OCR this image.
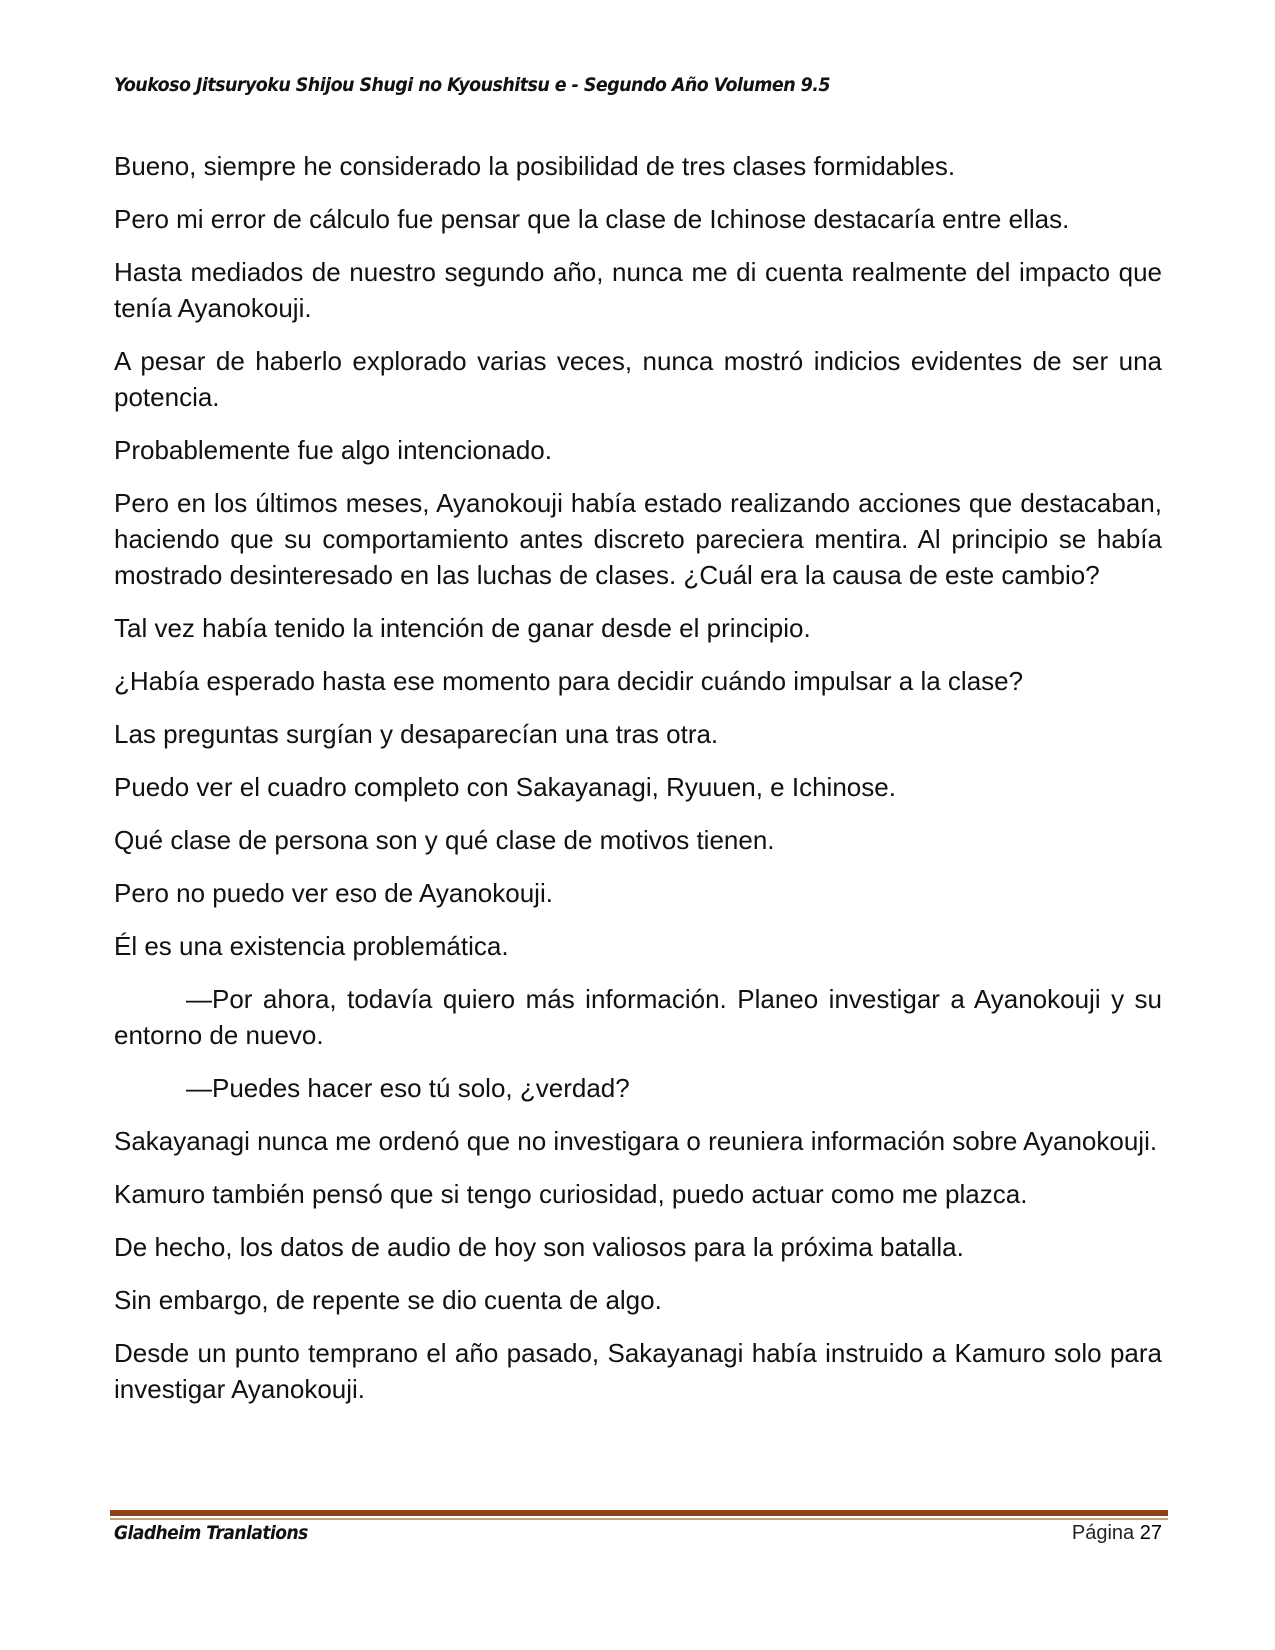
Youkoso Jitsuryoku Shijou Shugi no Kyoushitsu e - Segundo Año Volumen 9.5

Bueno, siempre he considerado la posibilidad de tres clases formidables.

Pero mi error de cálculo fue pensar que la clase de Ichinose destacaría entre ellas.

Hasta mediados de nuestro segundo año, nunca me di cuenta realmente del impacto que tenía Ayanokouji.

A pesar de haberlo explorado varias veces, nunca mostró indicios evidentes de ser una potencia.

Probablemente fue algo intencionado.

Pero en los últimos meses, Ayanokouji había estado realizando acciones que destacaban, haciendo que su comportamiento antes discreto pareciera mentira. Al principio se había mostrado desinteresado en las luchas de clases. ¿Cuál era la causa de este cambio?

Tal vez había tenido la intención de ganar desde el principio.

¿Había esperado hasta ese momento para decidir cuándo impulsar a la clase?

Las preguntas surgían y desaparecían una tras otra.

Puedo ver el cuadro completo con Sakayanagi, Ryuuen, e Ichinose.

Qué clase de persona son y qué clase de motivos tienen.

Pero no puedo ver eso de Ayanokouji.

Él es una existencia problemática.

—Por ahora, todavía quiero más información. Planeo investigar a Ayanokouji y su entorno de nuevo.

—Puedes hacer eso tú solo, ¿verdad?

Sakayanagi nunca me ordenó que no investigara o reuniera información sobre Ayanokouji.

Kamuro también pensó que si tengo curiosidad, puedo actuar como me plazca.

De hecho, los datos de audio de hoy son valiosos para la próxima batalla.

Sin embargo, de repente se dio cuenta de algo.

Desde un punto temprano el año pasado, Sakayanagi había instruido a Kamuro solo para investigar Ayanokouji.

Gladheim Tranlations	Página 27
